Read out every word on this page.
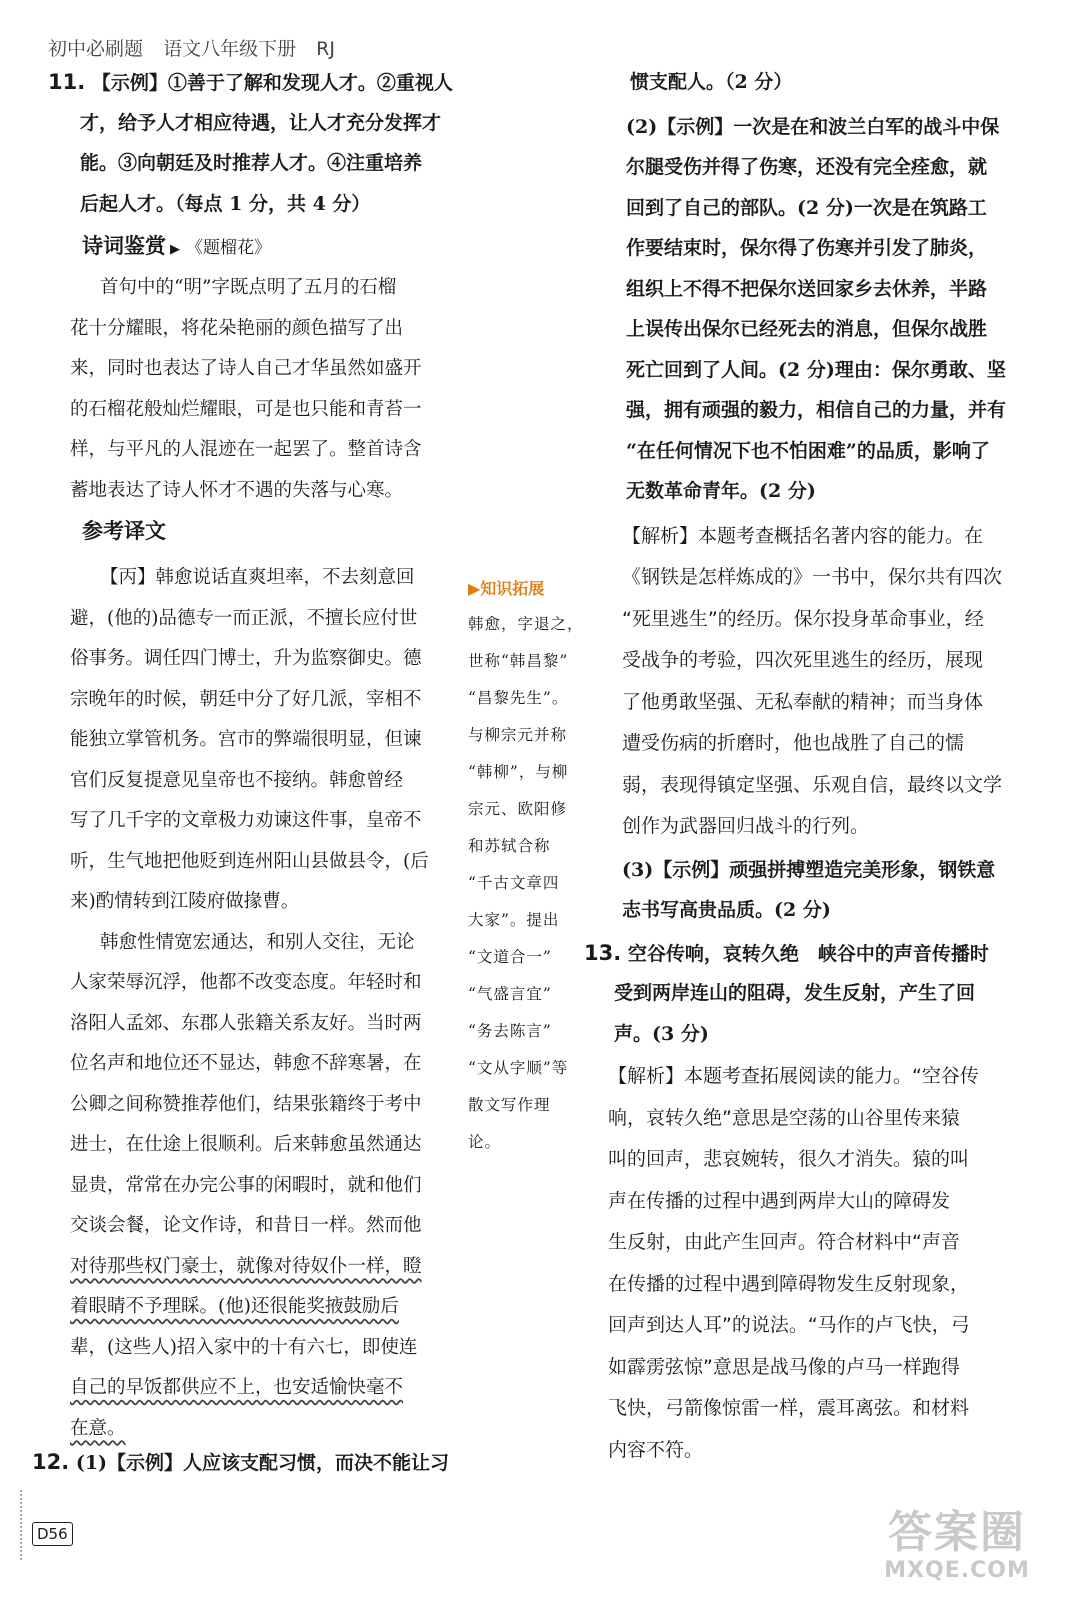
初中必刷题 语文八年级下册 RJ
11. 【示例】①善于了解和发现人才。②重视人
才，给予人才相应待遇，让人才充分发挥才
能。③向朝廷及时推荐人才。④注重培养
后起人才。（每点 1 分，共 4 分）
诗词鉴赏 ▶ 《题榴花》
首句中的“明”字既点明了五月的石榴
花十分耀眼，将花朵艳丽的颜色描写了出
来，同时也表达了诗人自己才华虽然如盛开
的石榴花般灿烂耀眼，可是也只能和青苔一
样，与平凡的人混迹在一起罢了。整首诗含
蓄地表达了诗人怀才不遇的失落与心寒。
参考译文
【丙】韩愈说话直爽坦率，不去刻意回
避，(他的)品德专一而正派，不擅长应付世
俗事务。调任四门博士，升为监察御史。德
宗晚年的时候，朝廷中分了好几派，宰相不
能独立掌管机务。宫市的弊端很明显，但谏
官们反复提意见皇帝也不接纳。韩愈曾经
写了几千字的文章极力劝谏这件事，皇帝不
听，生气地把他贬到连州阳山县做县令，(后
来)酌情转到江陵府做掾曹。
韩愈性情宽宏通达，和别人交往，无论
人家荣辱沉浮，他都不改变态度。年轻时和
洛阳人孟郊、东郡人张籍关系友好。当时两
位名声和地位还不显达，韩愈不辞寒暑，在
公卿之间称赞推荐他们，结果张籍终于考中
进士，在仕途上很顺利。后来韩愈虽然通达
显贵，常常在办完公事的闲暇时，就和他们
交谈会餐，论文作诗，和昔日一样。然而他
对待那些权门豪士，就像对待奴仆一样，瞪
着眼睛不予理睬。(他)还很能奖掖鼓励后
辈，(这些人)招入家中的十有六七，即使连
自己的早饭都供应不上，也安适愉快毫不
在意。
▶知识拓展
韩愈，字退之，
世称“韩昌黎”
“昌黎先生”。
与柳宗元并称
“韩柳”，与柳
宗元、欧阳修
和苏轼合称
“千古文章四
大家”。提出
“文道合一”
“气盛言宜”
“务去陈言”
“文从字顺”等
散文写作理
论。
12. (1)【示例】人应该支配习惯，而决不能让习
D56
惯支配人。（2 分）
(2)【示例】一次是在和波兰白军的战斗中保
尔腿受伤并得了伤寒，还没有完全痊愈，就
回到了自己的部队。(2 分)一次是在筑路工
作要结束时，保尔得了伤寒并引发了肺炎，
组织上不得不把保尔送回家乡去休养，半路
上误传出保尔已经死去的消息，但保尔战胜
死亡回到了人间。(2 分)理由：保尔勇敢、坚
强，拥有顽强的毅力，相信自己的力量，并有
“在任何情况下也不怕困难”的品质，影响了
无数革命青年。(2 分)
【解析】本题考查概括名著内容的能力。在
《钢铁是怎样炼成的》一书中，保尔共有四次
“死里逃生”的经历。保尔投身革命事业，经
受战争的考验，四次死里逃生的经历，展现
了他勇敢坚强、无私奉献的精神；而当身体
遭受伤病的折磨时，他也战胜了自己的懦
弱，表现得镇定坚强、乐观自信，最终以文学
创作为武器回归战斗的行列。
(3)【示例】顽强拼搏塑造完美形象，钢铁意
志书写高贵品质。(2 分)
13. 空谷传响，哀转久绝　峡谷中的声音传播时
受到两岸连山的阻碍，发生反射，产生了回
声。(3 分)
【解析】本题考查拓展阅读的能力。“空谷传
响，哀转久绝”意思是空荡的山谷里传来猿
叫的回声，悲哀婉转，很久才消失。猿的叫
声在传播的过程中遇到两岸大山的障碍发
生反射，由此产生回声。符合材料中“声音
在传播的过程中遇到障碍物发生反射现象，
回声到达人耳”的说法。“马作的卢飞快，弓
如霹雳弦惊”意思是战马像的卢马一样跑得
飞快，弓箭像惊雷一样，震耳离弦。和材料
内容不符。
答案圈
MXQE.COM
